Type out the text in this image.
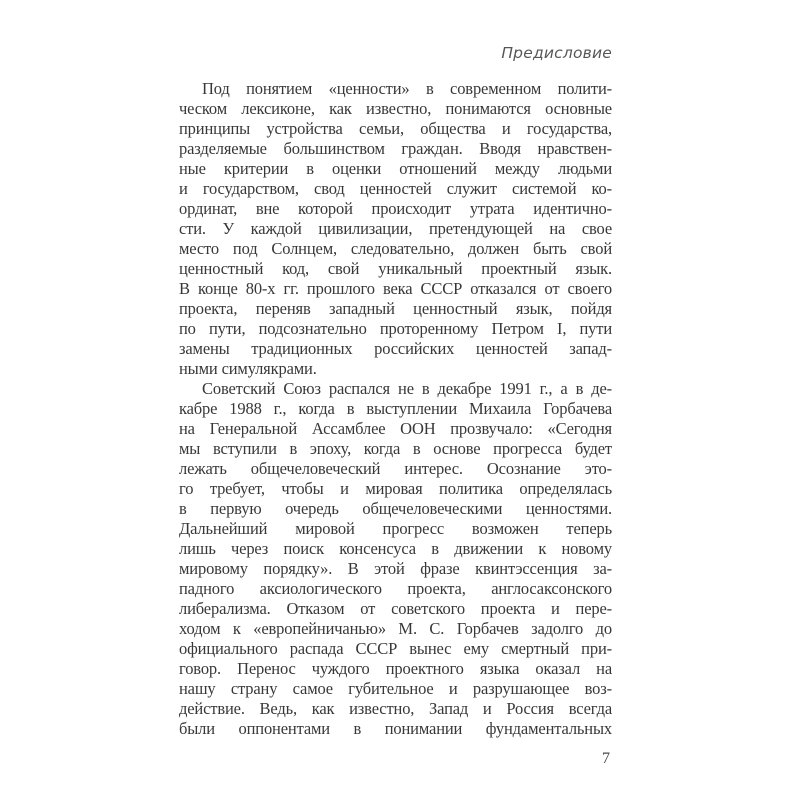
Предисловие
Под понятием «ценности» в современном полити-
ческом лексиконе, как известно, понимаются основные
принципы устройства семьи, общества и государства,
разделяемые большинством граждан. Вводя нравствен-
ные критерии в оценки отношений между людьми
и государством, свод ценностей служит системой ко-
ординат, вне которой происходит утрата идентично-
сти. У каждой цивилизации, претендующей на свое
место под Солнцем, следовательно, должен быть свой
ценностный код, свой уникальный проектный язык.
В конце 80-х гг. прошлого века СССР отказался от своего
проекта, переняв западный ценностный язык, пойдя
по пути, подсознательно проторенному Петром I, пути
замены традиционных российских ценностей запад-
ными симулякрами.
Советский Союз распался не в декабре 1991 г., а в де-
кабре 1988 г., когда в выступлении Михаила Горбачева
на Генеральной Ассамблее ООН прозвучало: «Сегодня
мы вступили в эпоху, когда в основе прогресса будет
лежать общечеловеческий интерес. Осознание это-
го требует, чтобы и мировая политика определялась
в первую очередь общечеловеческими ценностями.
Дальнейший мировой прогресс возможен теперь
лишь через поиск консенсуса в движении к новому
мировому порядку». В этой фразе квинтэссенция за-
падного аксиологического проекта, англосаксонского
либерализма. Отказом от советского проекта и пере-
ходом к «европейничанью» М. С. Горбачев задолго до
официального распада СССР вынес ему смертный при-
говор. Перенос чуждого проектного языка оказал на
нашу страну самое губительное и разрушающее воз-
действие. Ведь, как известно, Запад и Россия всегда
были оппонентами в понимании фундаментальных
7
